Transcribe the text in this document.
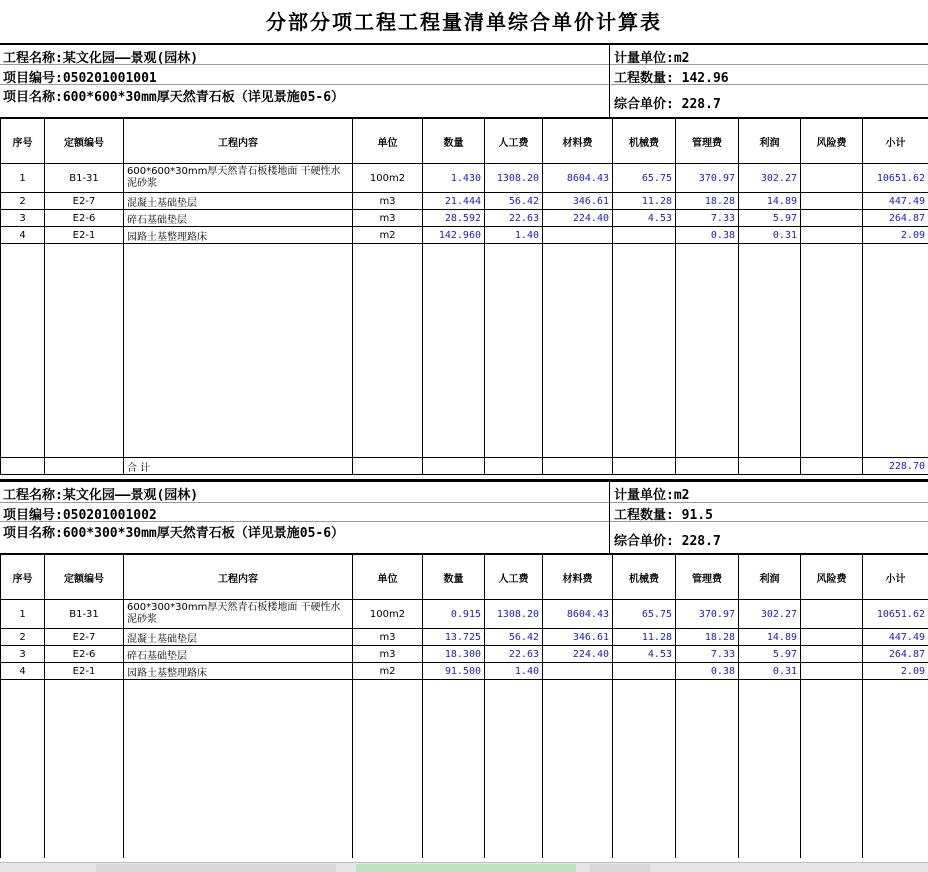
分部分项工程工程量清单综合单价计算表
工程名称:某文化园——景观(园林)
项目编号:050201001001
项目名称:600*600*30mm厚天然青石板（详见景施05-6）
计量单位:m2
工程数量: 142.96
综合单价: 228.7
序号	定额编号	工程内容	单位	数量	人工费	材料费	机械费	管理费	利润	风险费	小计
1	B1-31	600*600*30mm厚天然青石板楼地面 干硬性水泥砂浆	100m2	1.430	1308.20	8604.43	65.75	370.97	302.27		10651.62
2	E2-7	混凝土基础垫层	m3	21.444	56.42	346.61	11.28	18.28	14.89		447.49
3	E2-6	碎石基础垫层	m3	28.592	22.63	224.40	4.53	7.33	5.97		264.87
4	E2-1	园路土基整理路床	m2	142.960	1.40			0.38	0.31		2.09

		合 计									228.70
工程名称:某文化园——景观(园林)
项目编号:050201001002
项目名称:600*300*30mm厚天然青石板（详见景施05-6）
计量单位:m2
工程数量: 91.5
综合单价: 228.7
序号	定额编号	工程内容	单位	数量	人工费	材料费	机械费	管理费	利润	风险费	小计
1	B1-31	600*300*30mm厚天然青石板楼地面 干硬性水泥砂浆	100m2	0.915	1308.20	8604.43	65.75	370.97	302.27		10651.62
2	E2-7	混凝土基础垫层	m3	13.725	56.42	346.61	11.28	18.28	14.89		447.49
3	E2-6	碎石基础垫层	m3	18.300	22.63	224.40	4.53	7.33	5.97		264.87
4	E2-1	园路土基整理路床	m2	91.500	1.40			0.38	0.31		2.09
